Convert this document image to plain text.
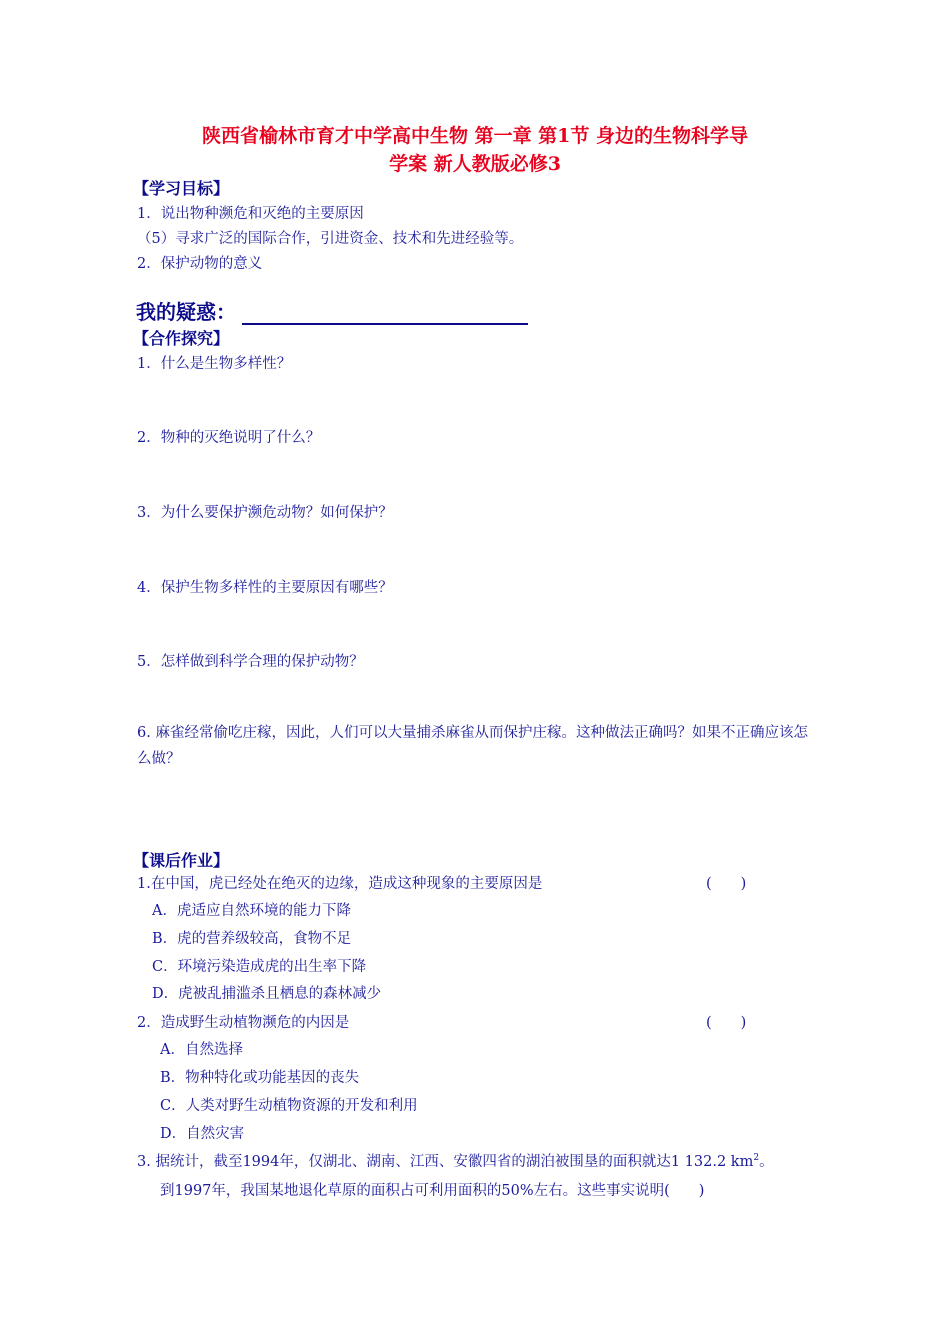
陕西省榆林市育才中学高中生物 第一章 第1节 身边的生物科学导
学案 新人教版必修3
【学习目标】
1．说出物种濒危和灭绝的主要原因
（5）寻求广泛的国际合作，引进资金、技术和先进经验等。
2．保护动物的意义
我的疑惑：
【合作探究】
1．什么是生物多样性？
2．物种的灭绝说明了什么？
3．为什么要保护濒危动物？如何保护？
4．保护生物多样性的主要原因有哪些？
5．怎样做到科学合理的保护动物？
6. 麻雀经常偷吃庄稼，因此，人们可以大量捕杀麻雀从而保护庄稼。这种做法正确吗？如果不正确应该怎么做？
【课后作业】
1.在中国，虎已经处在绝灭的边缘，造成这种现象的主要原因是	(　　)
A．虎适应自然环境的能力下降
B．虎的营养级较高，食物不足
C．环境污染造成虎的出生率下降
D．虎被乱捕滥杀且栖息的森林减少
2．造成野生动植物濒危的内因是	(　　)
A．自然选择
B．物种特化或功能基因的丧失
C．人类对野生动植物资源的开发和利用
D．自然灾害
3. 据统计，截至1994年，仅湖北、湖南、江西、安徽四省的湖泊被围垦的面积就达1 132.2 $km^2$。
到1997年，我国某地退化草原的面积占可利用面积的50%左右。这些事实说明(　　)
